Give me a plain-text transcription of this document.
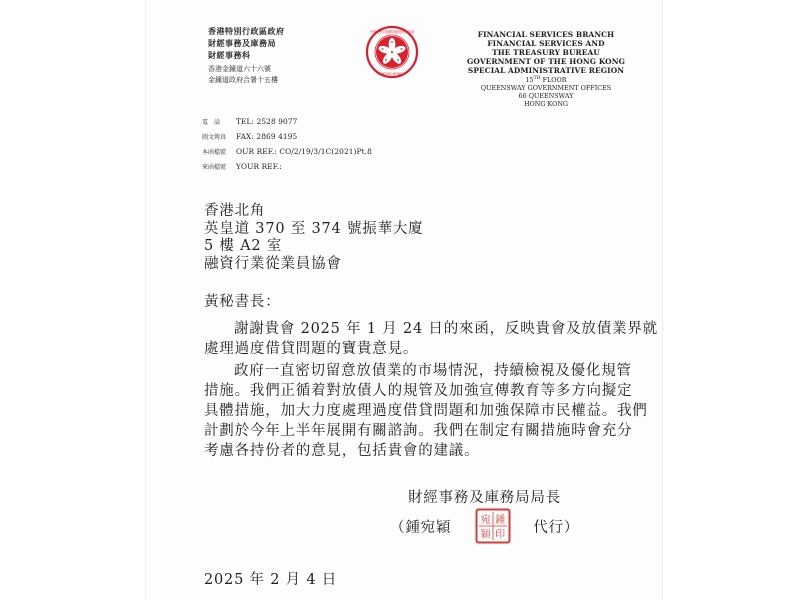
香港特別行政區政府
財經事務及庫務局
財經事務科
香港金鐘道六十六號
金鐘道政府合署十五樓
中華人民共和國香港特別行政區
HONG KONG
FINANCIAL SERVICES BRANCH
FINANCIAL SERVICES AND
THE TREASURY BUREAU
GOVERNMENT OF THE HONG KONG
SPECIAL ADMINISTRATIVE REGION
15TH FLOOR
QUEENSWAY GOVERNMENT OFFICES
66 QUEENSWAY
HONG KONG
電　話	TEL: 2528 9077
圖文傳真	FAX: 2869 4195
本函檔號	OUR REF.: CO/2/19/3/1C(2021)Pt.8
來函檔號	YOUR REF.:
香港北角
英皇道 370 至 374 號振華大廈
5 樓 A2 室
融資行業從業員協會
黃秘書長：
謝謝貴會 2025 年 1 月 24 日的來函，反映貴會及放債業界就
處理過度借貸問題的寶貴意見。
政府一直密切留意放債業的市場情況，持續檢視及優化規管
措施。我們正循着對放債人的規管及加強宣傳教育等多方向擬定
具體措施，加大力度處理過度借貸問題和加強保障市民權益。我們
計劃於今年上半年展開有關諮詢。我們在制定有關措施時會充分
考慮各持份者的意見，包括貴會的建議。
財經事務及庫務局局長
（ 鍾宛穎	宛 鍾
穎 印 代行 ）
2025 年 2 月 4 日
